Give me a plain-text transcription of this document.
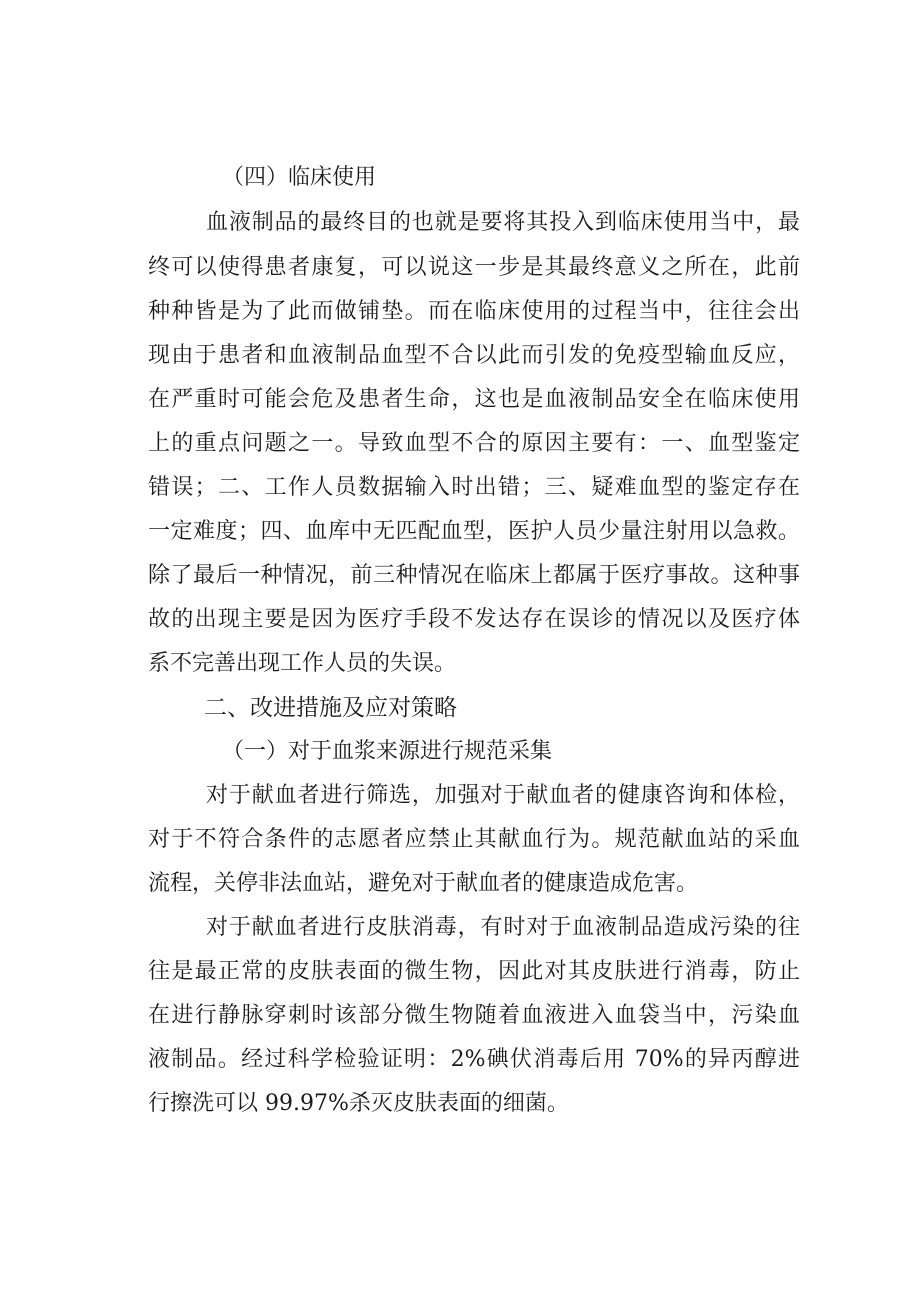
（四）临床使用
血液制品的最终目的也就是要将其投入到临床使用当中，最
终可以使得患者康复，可以说这一步是其最终意义之所在，此前
种种皆是为了此而做铺垫。而在临床使用的过程当中，往往会出
现由于患者和血液制品血型不合以此而引发的免疫型输血反应，
在严重时可能会危及患者生命，这也是血液制品安全在临床使用
上的重点问题之一。导致血型不合的原因主要有：一、血型鉴定
错误；二、工作人员数据输入时出错；三、疑难血型的鉴定存在
一定难度；四、血库中无匹配血型，医护人员少量注射用以急救。
除了最后一种情况，前三种情况在临床上都属于医疗事故。这种事
故的出现主要是因为医疗手段不发达存在误诊的情况以及医疗体
系不完善出现工作人员的失误。
二、改进措施及应对策略
（一）对于血浆来源进行规范采集
对于献血者进行筛选，加强对于献血者的健康咨询和体检，
对于不符合条件的志愿者应禁止其献血行为。规范献血站的采血
流程，关停非法血站，避免对于献血者的健康造成危害。
对于献血者进行皮肤消毒，有时对于血液制品造成污染的往
往是最正常的皮肤表面的微生物，因此对其皮肤进行消毒，防止
在进行静脉穿刺时该部分微生物随着血液进入血袋当中，污染血
液制品。经过科学检验证明：2%碘伏消毒后用 70%的异丙醇进
行擦洗可以 99.97%杀灭皮肤表面的细菌。
